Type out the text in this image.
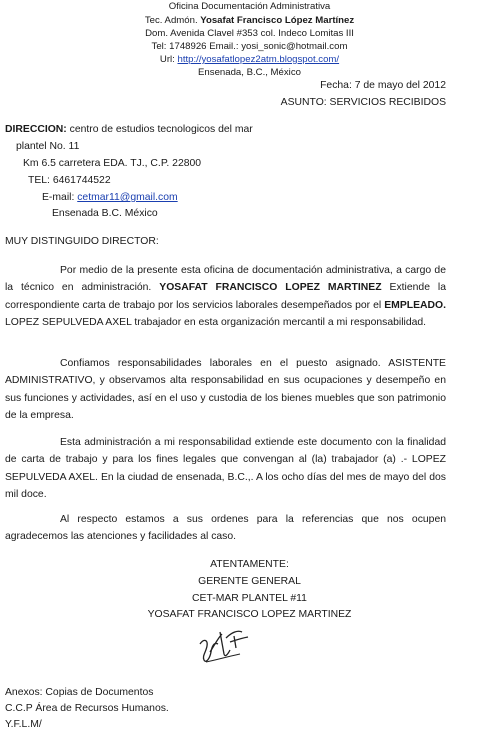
Oficina Documentación Administrativa
Tec. Admón. Yosafat Francisco López Martínez
Dom. Avenida Clavel #353 col. Indeco Lomitas III
Tel: 1748926 Email.: yosi_sonic@hotmail.com
Url: http://yosafatlopez2atm.blogspot.com/
Ensenada, B.C., México
Fecha: 7 de mayo del 2012
ASUNTO: SERVICIOS RECIBIDOS
DIRECCION: centro de estudios tecnologicos del mar
plantel No. 11
Km 6.5 carretera EDA. TJ., C.P. 22800
TEL: 6461744522
E-mail: cetmar11@gmail.com
Ensenada B.C. México
MUY DISTINGUIDO DIRECTOR:

Por medio de la presente esta oficina de documentación administrativa, a cargo de la técnico en administración. YOSAFAT FRANCISCO LOPEZ MARTINEZ Extiende la correspondiente carta de trabajo por los servicios laborales desempeñados por el EMPLEADO. LOPEZ SEPULVEDA AXEL trabajador en esta organización mercantil a mi responsabilidad.

Confiamos responsabilidades laborales en el puesto asignado. ASISTENTE ADMINISTRATIVO, y observamos alta responsabilidad en sus ocupaciones y desempeño en sus funciones y actividades, así en el uso y custodia de los bienes muebles que son patrimonio de la empresa.

Esta administración a mi responsabilidad extiende este documento con la finalidad de carta de trabajo y para los fines legales que convengan al (la) trabajador (a) .- LOPEZ SEPULVEDA AXEL. En la ciudad de ensenada, B.C.,. A los ocho días del mes de mayo del dos mil doce.

Al respecto estamos a sus ordenes para la referencias que nos ocupen agradecemos las atenciones y facilidades al caso.

ATENTAMENTE:
GERENTE GENERAL
CET-MAR PLANTEL #11
YOSAFAT FRANCISCO LOPEZ MARTINEZ
Anexos: Copias de Documentos
C.C.P Área de Recursos Humanos.
Y.F.L.M/
